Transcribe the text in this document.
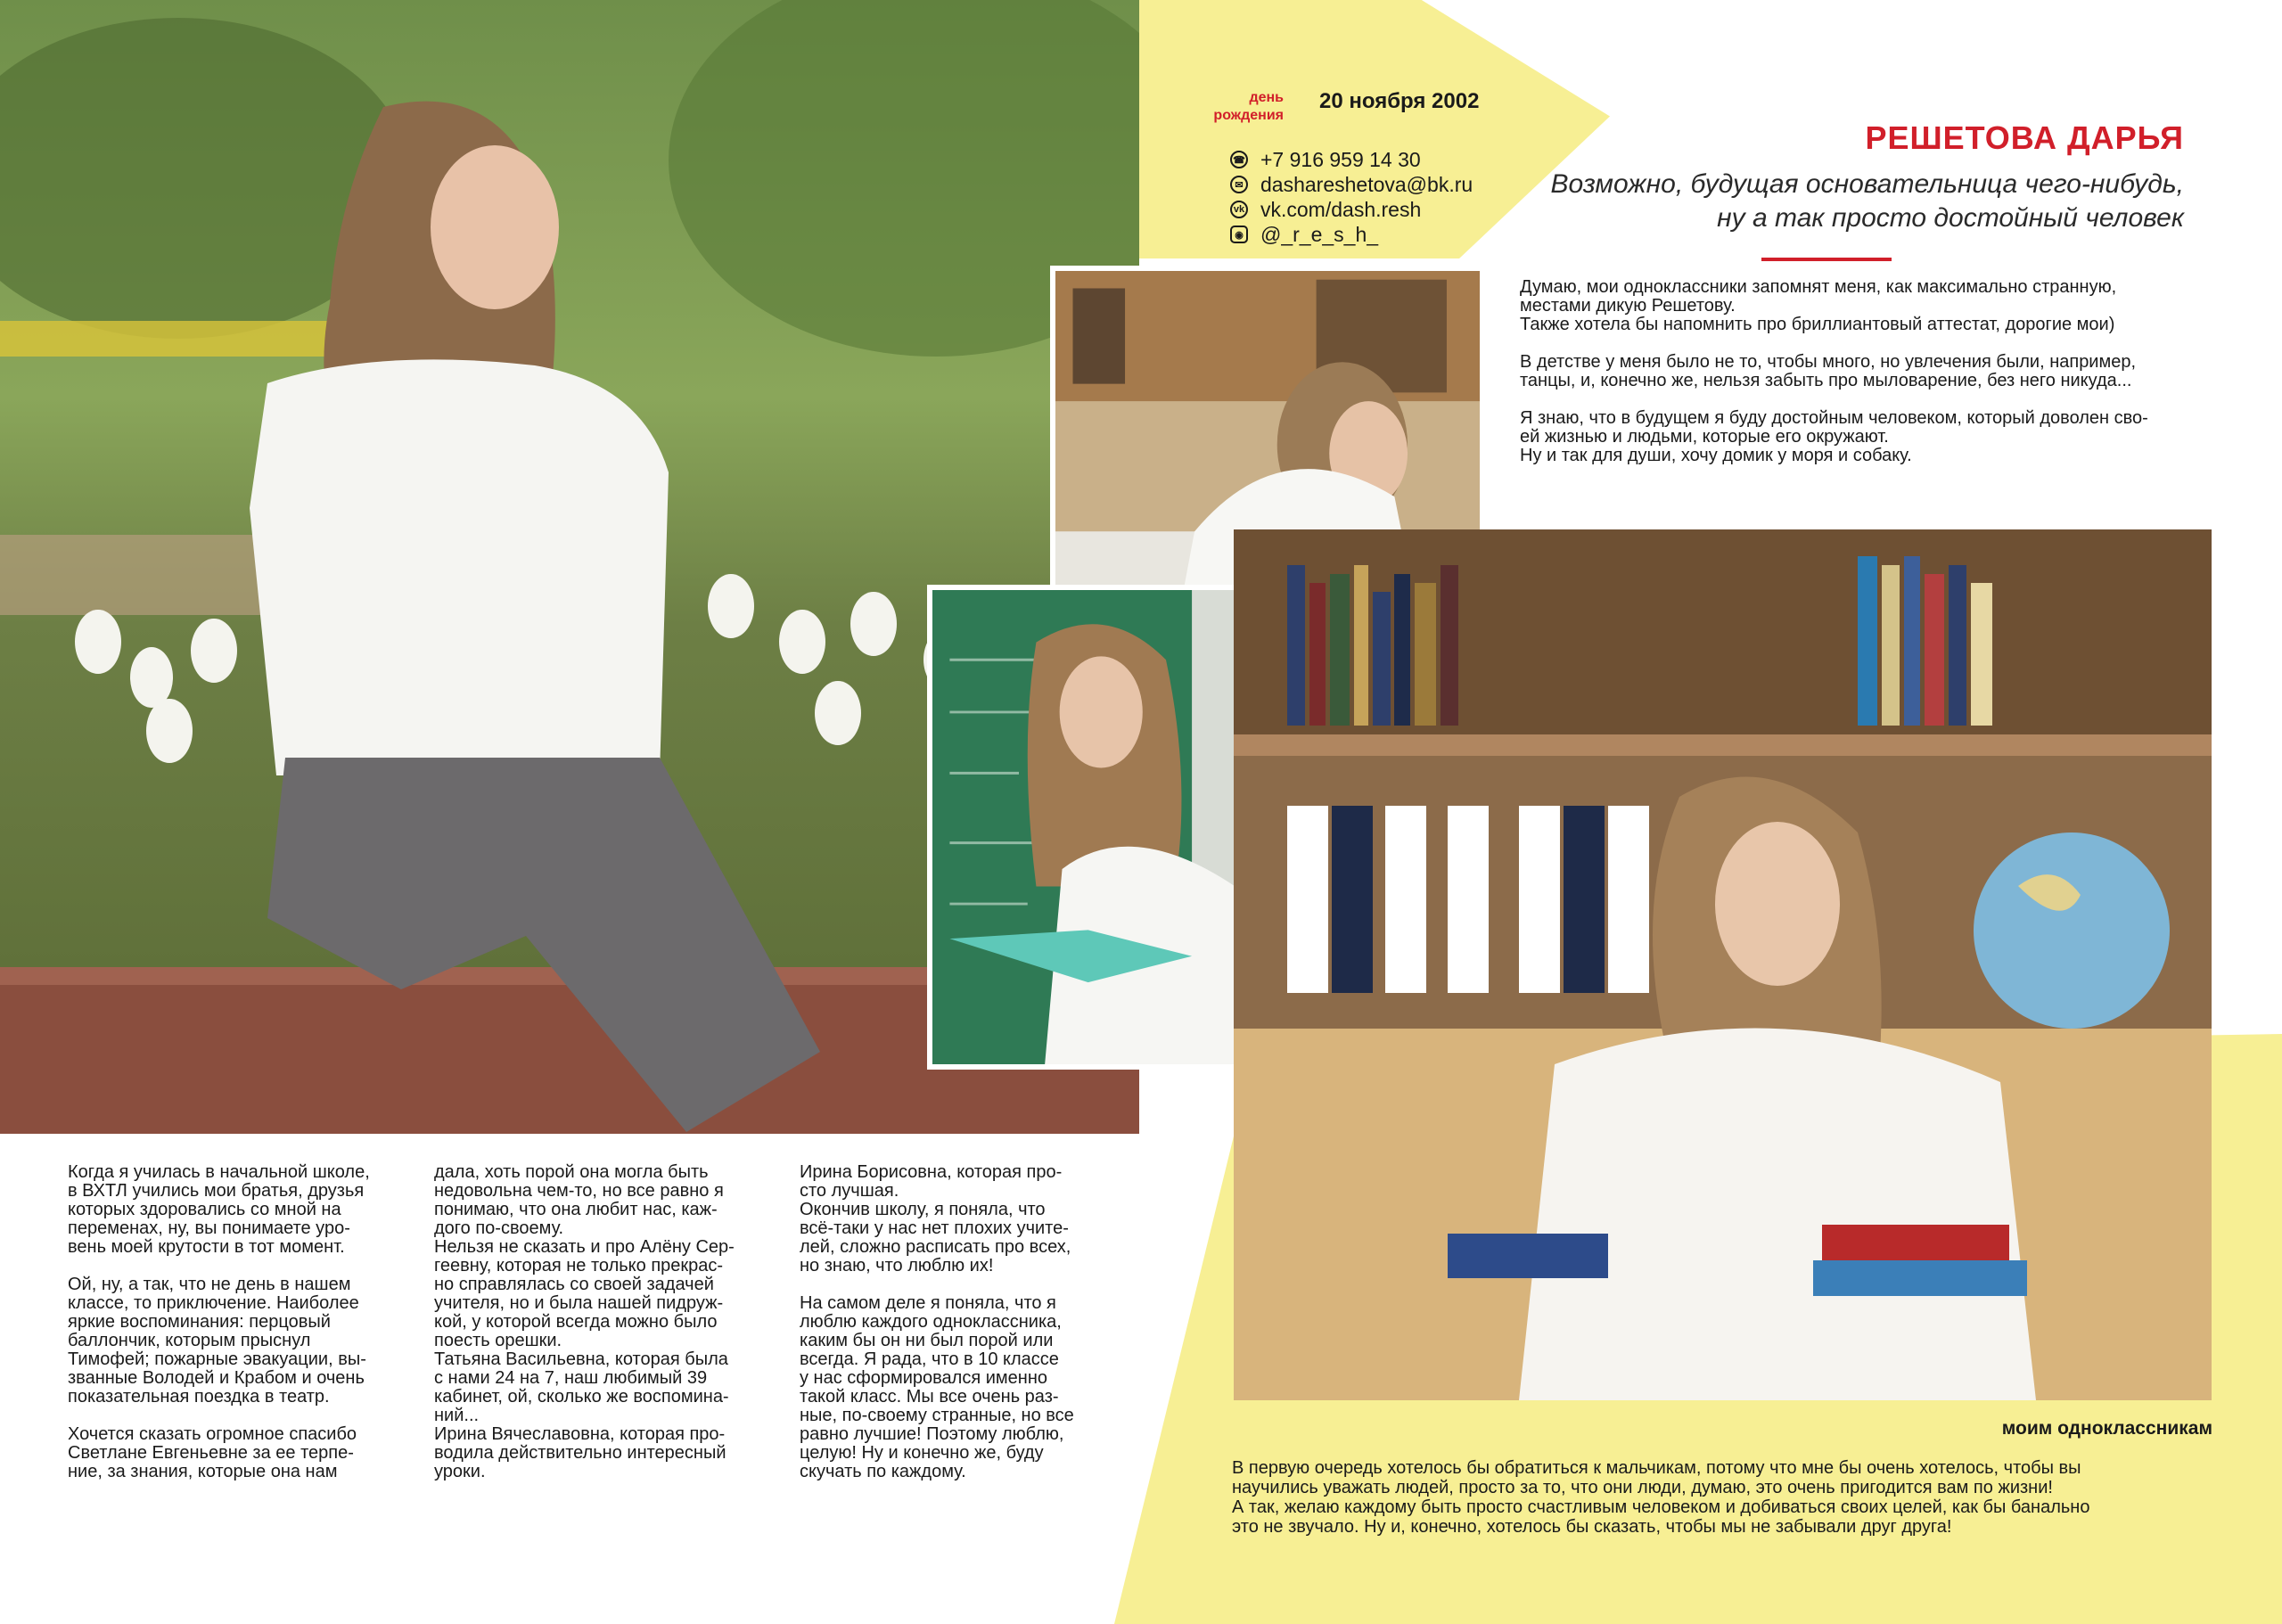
день
рождения
20 ноября 2002
☎ +7 916 959 14 30
✉ dashareshetova@bk.ru
vk vk.com/dash.resh
◉ @_r_e_s_h_
РЕШЕТОВА ДАРЬЯ
Возможно, будущая основательница чего-нибудь,
ну а так просто достойный человек
Думаю, мои одноклассники запомнят меня, как максимально странную,
местами дикую Решетову.
Также хотела бы напомнить про бриллиантовый аттестат, дорогие мои)
В детстве у меня было не то, чтобы много, но увлечения были, например,
танцы, и, конечно же, нельзя забыть про мыловарение, без него никуда...
Я знаю, что в будущем я буду достойным человеком, который доволен сво-
ей жизнью и людьми, которые его окружают.
Ну и так для души, хочу домик у моря и собаку.
Когда я училась в начальной школе,
в ВХТЛ учились мои братья, друзья
которых здоровались со мной на
переменах, ну, вы понимаете уро-
вень моей крутости в тот момент.
Ой, ну, а так, что не день в нашем
классе, то приключение. Наиболее
яркие воспоминания: перцовый
баллончик, которым прыснул
Тимофей; пожарные эвакуации, вы-
званные Володей и Крабом и очень
показательная поездка в театр.
Хочется сказать огромное спасибо
Светлане Евгеньевне за ее терпе-
ние, за знания, которые она нам
дала, хоть порой она могла быть
недовольна чем-то, но все равно я
понимаю, что она любит нас, каж-
дого по-своему.
Нельзя не сказать и про Алёну Сер-
геевну, которая не только прекрас-
но справлялась со своей задачей
учителя, но и была нашей пидруж-
кой, у которой всегда можно было
поесть орешки.
Татьяна Васильевна, которая была
с нами 24 на 7, наш любимый 39
кабинет, ой, сколько же воспомина-
ний...
Ирина Вячеславовна, которая про-
водила действительно интересный
уроки.
Ирина Борисовна, которая про-
сто лучшая.
Окончив школу, я поняла, что
всё-таки у нас нет плохих учите-
лей, сложно расписать про всех,
но знаю, что люблю их!
На самом деле я поняла, что я
люблю каждого одноклассника,
каким бы он ни был порой или
всегда. Я рада, что в 10 классе
у нас сформировался именно
такой класс. Мы все очень раз-
ные, по-своему странные, но все
равно лучшие! Поэтому люблю,
целую! Ну и конечно же, буду
скучать по каждому.
моим одноклассникам
В первую очередь хотелось бы обратиться к мальчикам, потому что мне бы очень хотелось, чтобы вы
научились уважать людей, просто за то, что они люди, думаю, это очень пригодится вам по жизни!
А так, желаю каждому быть просто счастливым человеком и добиваться своих целей, как бы банально
это не звучало. Ну и, конечно, хотелось бы сказать, чтобы мы не забывали друг друга!
